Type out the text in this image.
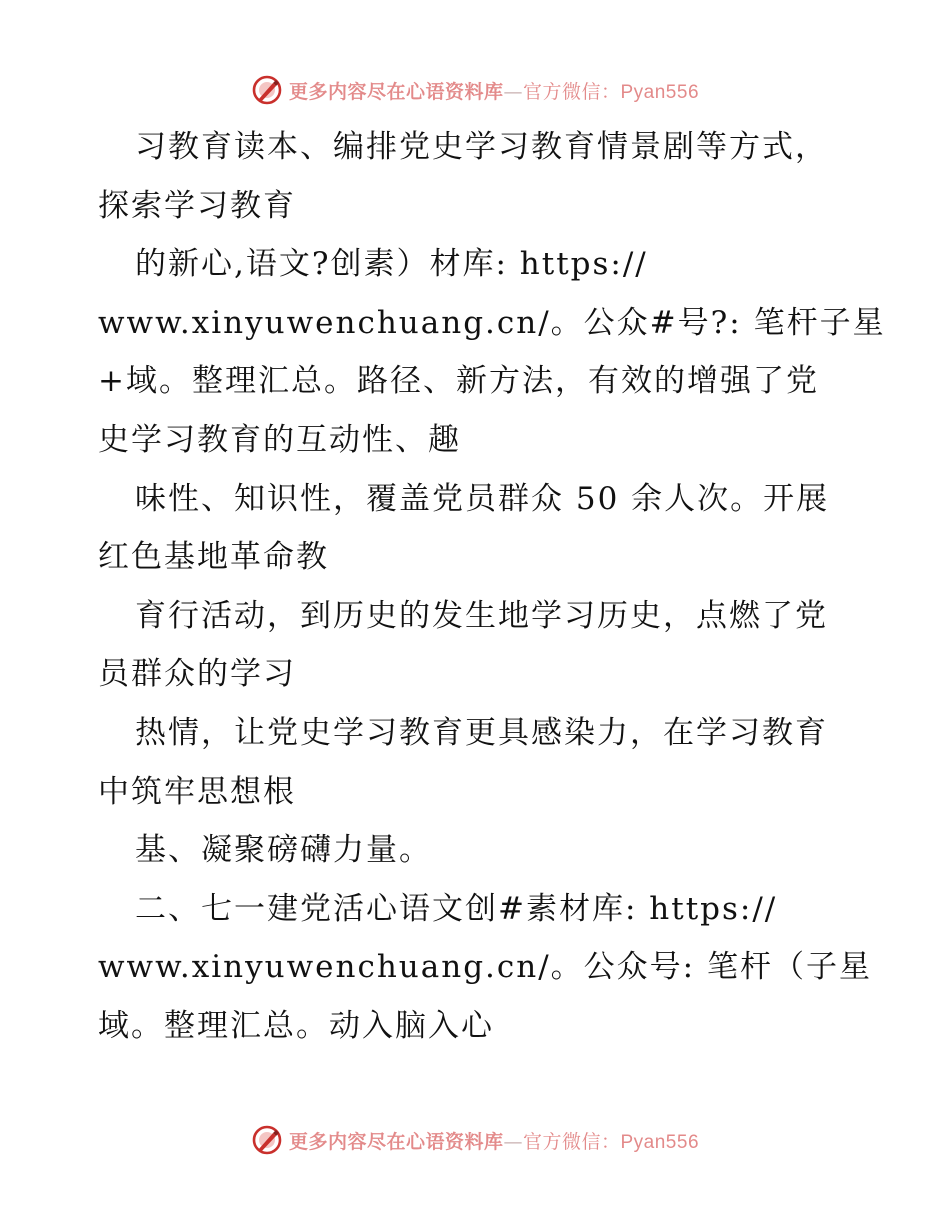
更多内容尽在心语资料库—官方微信：Pyan556
习教育读本、编排党史学习教育情景剧等方式，
探索学习教育
的新心,语文?创素）材库: https://
www.xinyuwenchuang.cn/。公众#号?: 笔杆子星
+域。整理汇总。路径、新方法，有效的增强了党
史学习教育的互动性、趣
味性、知识性，覆盖党员群众 50 余人次。开展
红色基地革命教
育行活动，到历史的发生地学习历史，点燃了党
员群众的学习
热情，让党史学习教育更具感染力，在学习教育
中筑牢思想根
基、凝聚磅礴力量。
二、七一建党活心语文创#素材库: https://
www.xinyuwenchuang.cn/。公众号: 笔杆（子星
域。整理汇总。动入脑入心
更多内容尽在心语资料库—官方微信：Pyan556
